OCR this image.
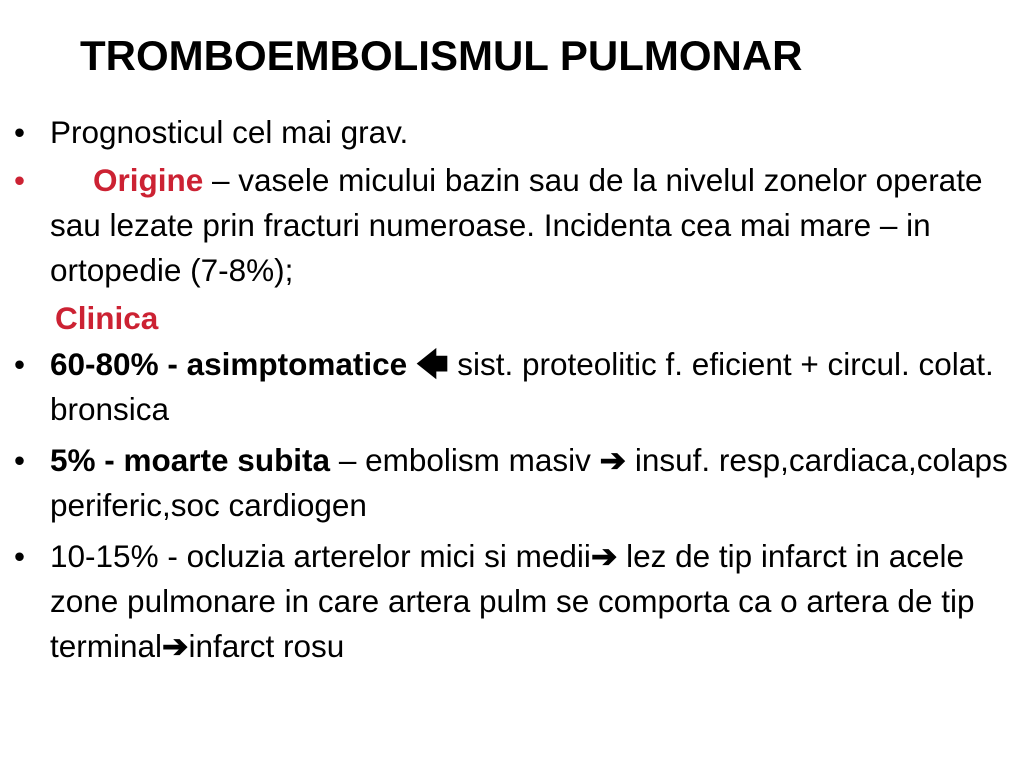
TROMBOEMBOLISMUL PULMONAR
• Prognosticul cel mai grav.
• Origine – vasele micului bazin sau de la nivelul zonelor operate sau lezate prin fracturi numeroase. Incidenta cea mai mare – in ortopedie (7-8%);
Clinica
• 60-80% - asimptomatice 🡄 sist. proteolitic f. eficient + circul. colat. bronsica
• 5% - moarte subita – embolism masiv ➔ insuf. resp,cardiaca,colaps periferic,soc cardiogen
• 10-15% - ocluzia arterelor mici si medii➔ lez de tip infarct in acele zone pulmonare in care artera pulm se comporta ca o artera de tip terminal➔infarct rosu
